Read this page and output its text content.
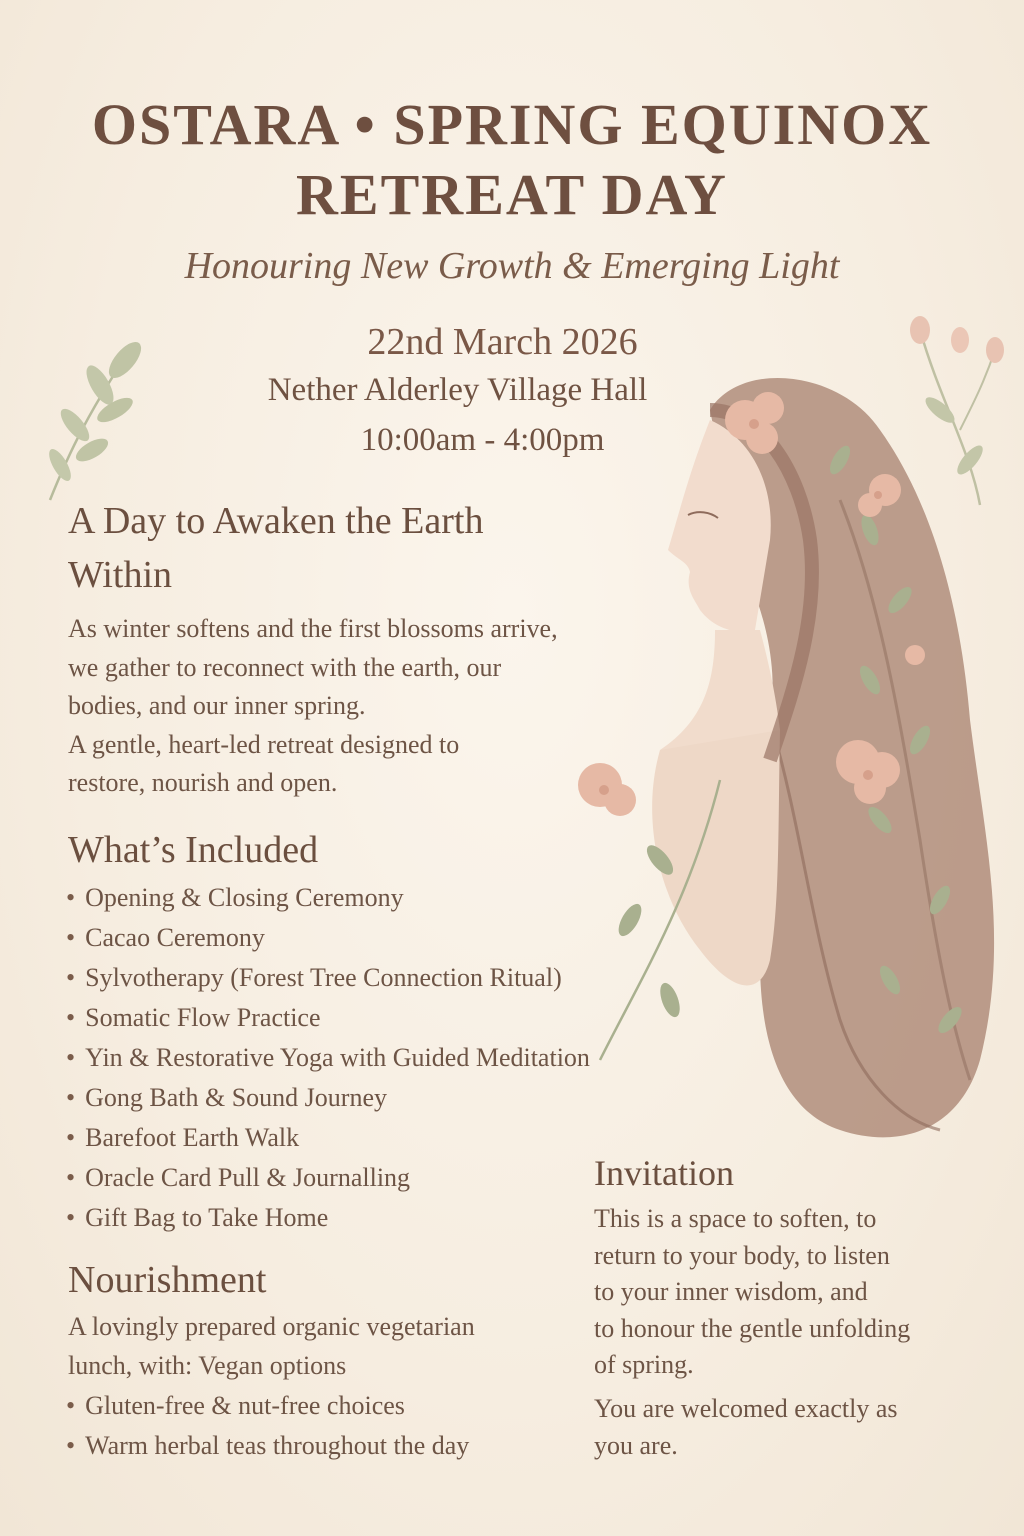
OSTARA • SPRING EQUINOX
RETREAT DAY

Honouring New Growth & Emerging Light

22nd March 2026
Nether Alderley Village Hall
10:00am - 4:00pm
A Day to Awaken the Earth
Within

As winter softens and the first blossoms arrive,
we gather to reconnect with the earth, our
bodies, and our inner spring.
A gentle, heart-led retreat designed to
restore, nourish and open.

What’s Included
• Opening & Closing Ceremony
• Cacao Ceremony
• Sylvotherapy (Forest Tree Connection Ritual)
• Somatic Flow Practice
• Yin & Restorative Yoga with Guided Meditation
• Gong Bath & Sound Journey
• Barefoot Earth Walk
• Oracle Card Pull & Journalling
• Gift Bag to Take Home
Nourishment

A lovingly prepared organic vegetarian
lunch, with: Vegan options

• Gluten-free & nut-free choices
• Warm herbal teas throughout the day
Invitation

This is a space to soften, to
return to your body, to listen
to your inner wisdom, and
to honour the gentle unfolding
of spring.

You are welcomed exactly as
you are.
